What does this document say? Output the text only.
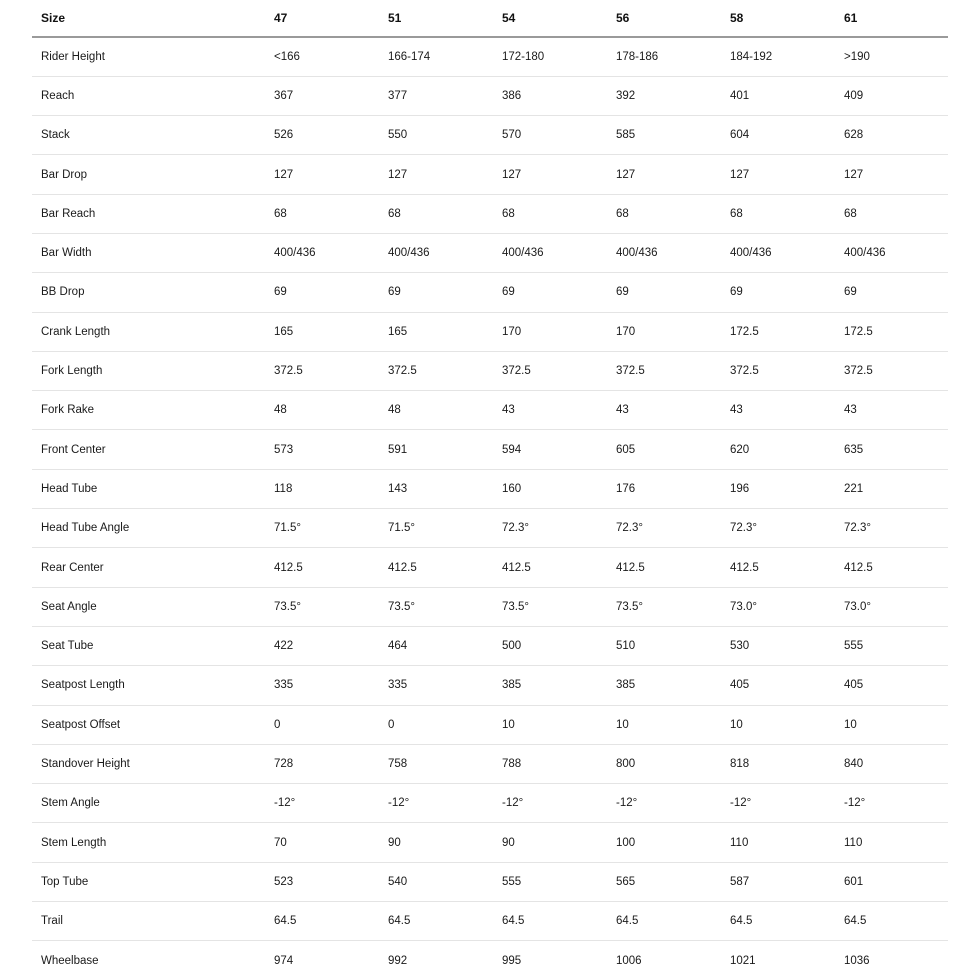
Size	47	51	54	56	58	61
Rider Height	<166	166-174	172-180	178-186	184-192	>190
Reach	367	377	386	392	401	409
Stack	526	550	570	585	604	628
Bar Drop	127	127	127	127	127	127
Bar Reach	68	68	68	68	68	68
Bar Width	400/436	400/436	400/436	400/436	400/436	400/436
BB Drop	69	69	69	69	69	69
Crank Length	165	165	170	170	172.5	172.5
Fork Length	372.5	372.5	372.5	372.5	372.5	372.5
Fork Rake	48	48	43	43	43	43
Front Center	573	591	594	605	620	635
Head Tube	118	143	160	176	196	221
Head Tube Angle	71.5°	71.5°	72.3°	72.3°	72.3°	72.3°
Rear Center	412.5	412.5	412.5	412.5	412.5	412.5
Seat Angle	73.5°	73.5°	73.5°	73.5°	73.0°	73.0°
Seat Tube	422	464	500	510	530	555
Seatpost Length	335	335	385	385	405	405
Seatpost Offset	0	0	10	10	10	10
Standover Height	728	758	788	800	818	840
Stem Angle	-12°	-12°	-12°	-12°	-12°	-12°
Stem Length	70	90	90	100	110	110
Top Tube	523	540	555	565	587	601
Trail	64.5	64.5	64.5	64.5	64.5	64.5
Wheelbase	974	992	995	1006	1021	1036
